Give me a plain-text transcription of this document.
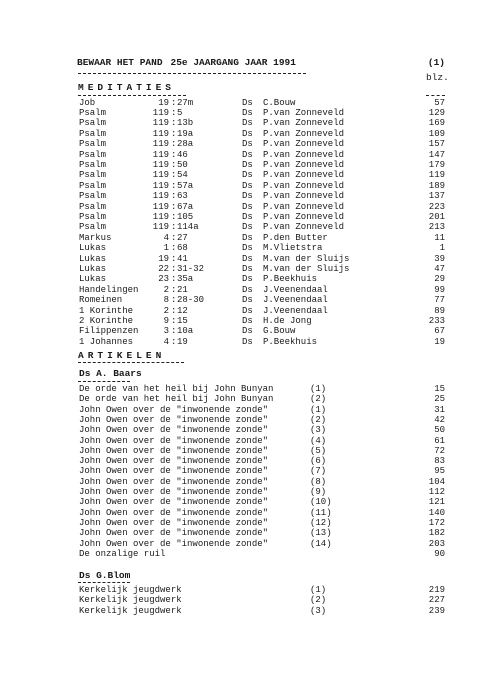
BEWAAR HET PAND 25e JAARGANG JAAR 1991	(1)
MEDITATIES
blz.
Job	19 : 27m	Ds C.Bouw	57
Psalm	119 : 5	Ds P.van Zonneveld	129
Psalm	119 : 13b	Ds P.van Zonneveld	169
Psalm	119 : 19a	Ds P.van Zonneveld	109
Psalm	119 : 28a	Ds P.van Zonneveld	157
Psalm	119 : 46	Ds P.van Zonneveld	147
Psalm	119 : 50	Ds P.van Zonneveld	179
Psalm	119 : 54	Ds P.van Zonneveld	119
Psalm	119 : 57a	Ds P.van Zonneveld	189
Psalm	119 : 63	Ds P.van Zonneveld	137
Psalm	119 : 67a	Ds P.van Zonneveld	223
Psalm	119 : 105	Ds P.van Zonneveld	201
Psalm	119 : 114a	Ds P.van Zonneveld	213
Markus	4 : 27	Ds P.den Butter	11
Lukas	1 : 68	Ds M.Vlietstra	1
Lukas	19 : 41	Ds M.van der Sluijs	39
Lukas	22 : 31-32	Ds M.van der Sluijs	47
Lukas	23 : 35a	Ds P.Beekhuis	29
Handelingen	2 : 21	Ds J.Veenendaal	99
Romeinen	8 : 28-30	Ds J.Veenendaal	77
1 Korinthe	2 : 12	Ds J.Veenendaal	89
2 Korinthe	9 : 15	Ds H.de Jong	233
Filippenzen	3 : 10a	Ds G.Bouw	67
1 Johannes	4 : 19	Ds P.Beekhuis	19
ARTIKELEN
Ds A. Baars
De orde van het heil bij John Bunyan	(1)	15
De orde van het heil bij John Bunyan	(2)	25
John Owen over de "inwonende zonde"	(1)	31
John Owen over de "inwonende zonde"	(2)	42
John Owen over de "inwonende zonde"	(3)	50
John Owen over de "inwonende zonde"	(4)	61
John Owen over de "inwonende zonde"	(5)	72
John Owen over de "inwonende zonde"	(6)	83
John Owen over de "inwonende zonde"	(7)	95
John Owen over de "inwonende zonde"	(8)	104
John Owen over de "inwonende zonde"	(9)	112
John Owen over de "inwonende zonde"	(10)	121
John Owen over de "inwonende zonde"	(11)	140
John Owen over de "inwonende zonde"	(12)	172
John Owen over de "inwonende zonde"	(13)	182
John Owen over de "inwonende zonde"	(14)	203
De onzalige ruil	90
Ds G.Blom
Kerkelijk jeugdwerk	(1)	219
Kerkelijk jeugdwerk	(2)	227
Kerkelijk jeugdwerk	(3)	239
